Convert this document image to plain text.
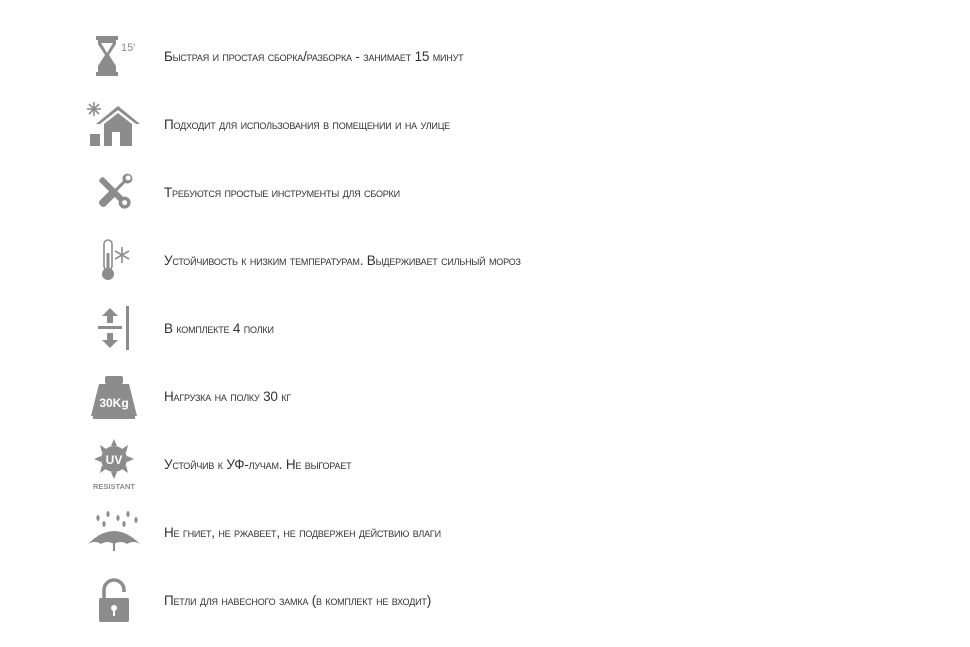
15'
Быстрая и простая сборка/разборка - занимает 15 минут
Подходит для использования в помещении и на улице
Требуются простые инструменты для сборки
Устойчивость к низким температурам. Выдерживает сильный мороз
В комплекте 4 полки
30Kg	Нагрузка на полку 30 кг
UV
RESISTANT
Устойчив к УФ-лучам. Не выгорает
Не гниет, не ржавеет, не подвержен действию влаги
Петли для навесного замка (в комплект не входит)
